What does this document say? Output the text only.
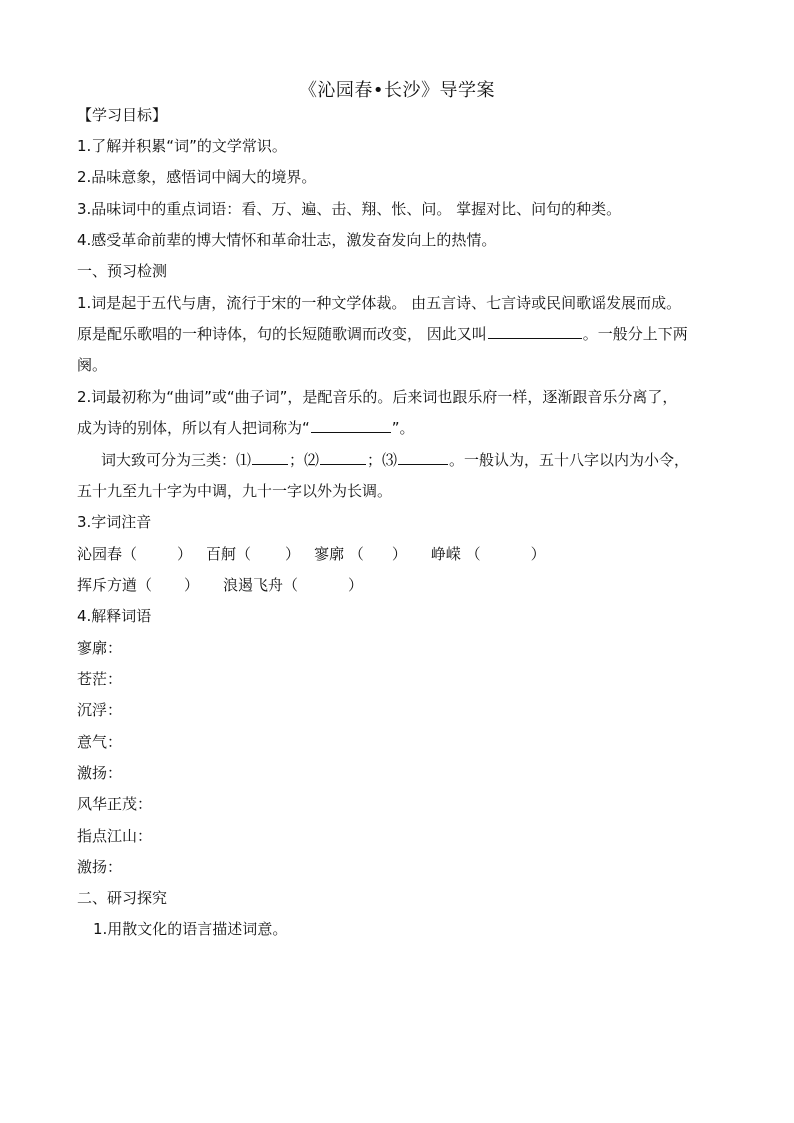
《沁园春•长沙》导学案
【学习目标】
1.了解并积累“词”的文学常识。
2.品味意象，感悟词中阔大的境界。
3.品味词中的重点词语：看、万、遍、击、翔、怅、问。 掌握对比、问句的种类。
4.感受革命前辈的博大情怀和革命壮志，激发奋发向上的热情。
一、预习检测
1.词是起于五代与唐，流行于宋的一种文学体裁。 由五言诗、七言诗或民间歌谣发展而成。
原是配乐歌唱的一种诗体，句的长短随歌调而改变， 因此又叫	。一般分上下两
阕。
2.词最初称为“曲词”或“曲子词”，是配音乐的。后来词也跟乐府一样，逐渐跟音乐分离了，
成为诗的别体，所以有人把词称为“	”。
词大致可分为三类：⑴	；⑵	；⑶	。一般认为，五十八字以内为小令，
五十九至九十字为中调，九十一字以外为长调。
3.字词注音
沁园春（	） 百舸（ ） 寥廓 （ ） 峥嵘 （	）
挥斥方遒（ ） 浪遏飞舟（	）
4.解释词语
寥廓：
苍茫：
沉浮：
意气：
激扬：
风华正茂：
指点江山：
激扬：
二、研习探究
1.用散文化的语言描述词意。
